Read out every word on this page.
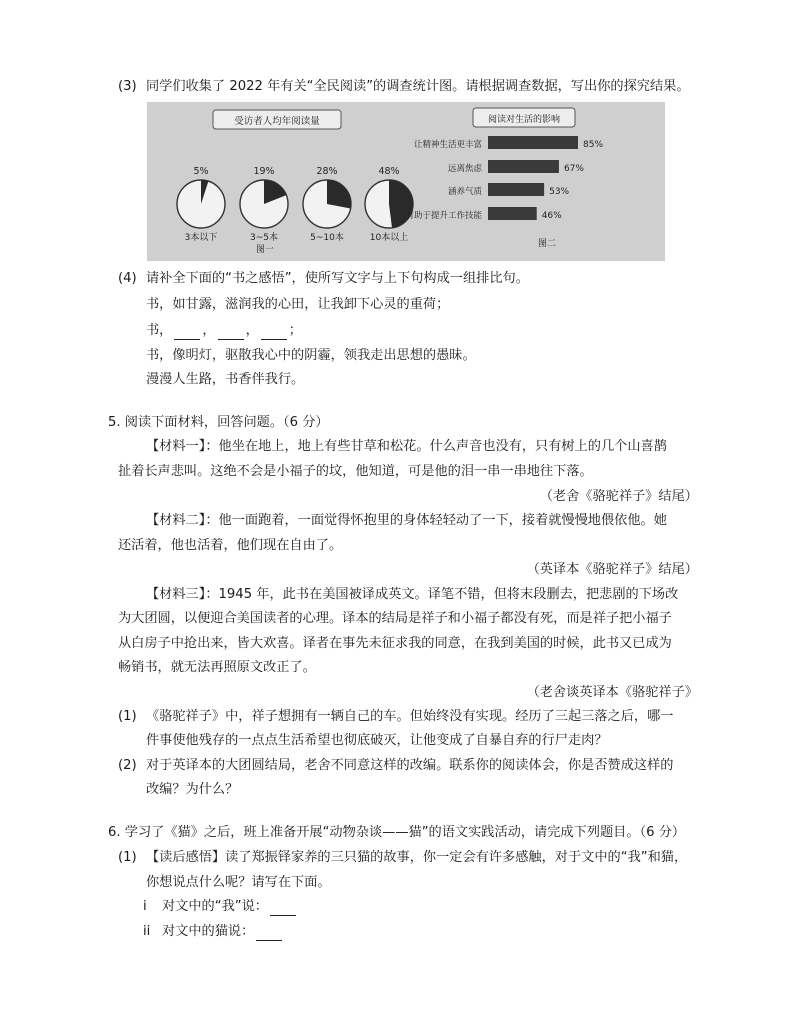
(3) 同学们收集了 2022 年有关“全民阅读”的调查统计图。请根据调查数据，写出你的探究结果。
受访者人均年阅读量
图一
5%
3本以下
19%
3~5本
28%
5~10本
48%
10本以上
阅读对生活的影响
图二
让精神生活更丰富	85%
远离焦虑	67%
涵养气质	53%
有助于提升工作技能	46%
(4) 请补全下面的“书之感悟”，使所写文字与上下句构成一组排比句。
书，如甘露，滋润我的心田，让我卸下心灵的重荷；
书， ， ， ；
书，像明灯，驱散我心中的阴霾，领我走出思想的愚昧。
漫漫人生路，书香伴我行。
5. 阅读下面材料，回答问题。（6 分）
【材料一】：他坐在地上，地上有些甘草和松花。什么声音也没有，只有树上的几个山喜鹊
扯着长声悲叫。这绝不会是小福子的坟，他知道，可是他的泪一串一串地往下落。
（老舍《骆驼祥子》结尾）
【材料二】：他一面跑着，一面觉得怀抱里的身体轻轻动了一下，接着就慢慢地偎依他。她
还活着，他也活着，他们现在自由了。
（英译本《骆驼祥子》结尾）
【材料三】：1945 年，此书在美国被译成英文。译笔不错，但将末段删去，把悲剧的下场改
为大团圆，以便迎合美国读者的心理。译本的结局是祥子和小福子都没有死，而是祥子把小福子
从白房子中抢出来，皆大欢喜。译者在事先未征求我的同意，在我到美国的时候，此书又已成为
畅销书，就无法再照原文改正了。
（老舍谈英译本《骆驼祥子》
(1) 《骆驼祥子》中，祥子想拥有一辆自己的车。但始终没有实现。经历了三起三落之后，哪一
件事使他残存的一点点生活希望也彻底破灭，让他变成了自暴自弃的行尸走肉？
(2) 对于英译本的大团圆结局，老舍不同意这样的改编。联系你的阅读体会，你是否赞成这样的
改编？为什么？
6. 学习了《猫》之后，班上准备开展“动物杂谈——猫”的语文实践活动，请完成下列题目。（6 分）
(1) 【读后感悟】读了郑振铎家养的三只猫的故事，你一定会有许多感触，对于文中的“我”和猫，
你想说点什么呢？请写在下面。
i 对文中的“我”说：
ii 对文中的猫说：
